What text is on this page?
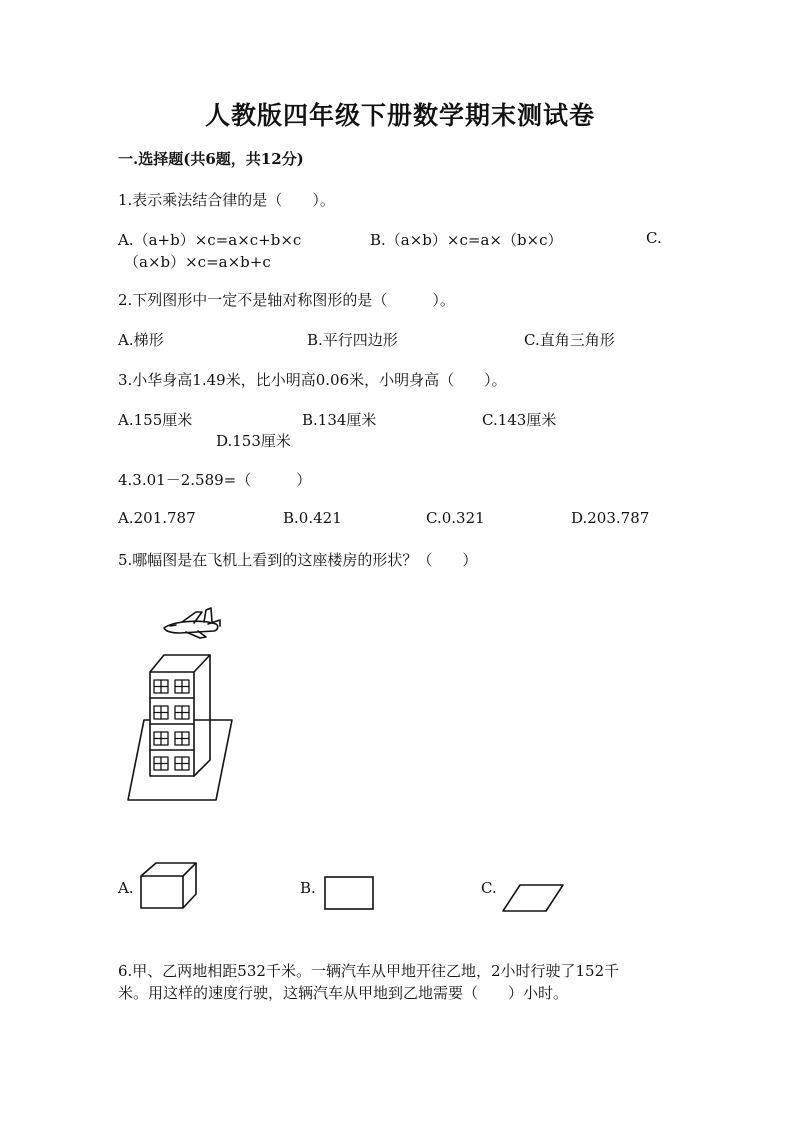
人教版四年级下册数学期末测试卷
一.选择题(共6题，共12分)
1.表示乘法结合律的是（　　）。
A.（a+b）×c=a×c+b×c	B.（a×b）×c=a×（b×c）	C.
（a×b）×c=a×b+c
2.下列图形中一定不是轴对称图形的是（　　　）。
A.梯形	B.平行四边形	C.直角三角形
3.小华身高1.49米，比小明高0.06米，小明身高（　　）。
A.155厘米	B.134厘米	C.143厘米
D.153厘米
4.3.01－2.589=（　　　）
A.201.787	B.0.421	C.0.321	D.203.787
5.哪幅图是在飞机上看到的这座楼房的形状？（　　）
A.	B.	C.
6.甲、乙两地相距532千米。一辆汽车从甲地开往乙地，2小时行驶了152千
米。用这样的速度行驶，这辆汽车从甲地到乙地需要（　　）小时。
